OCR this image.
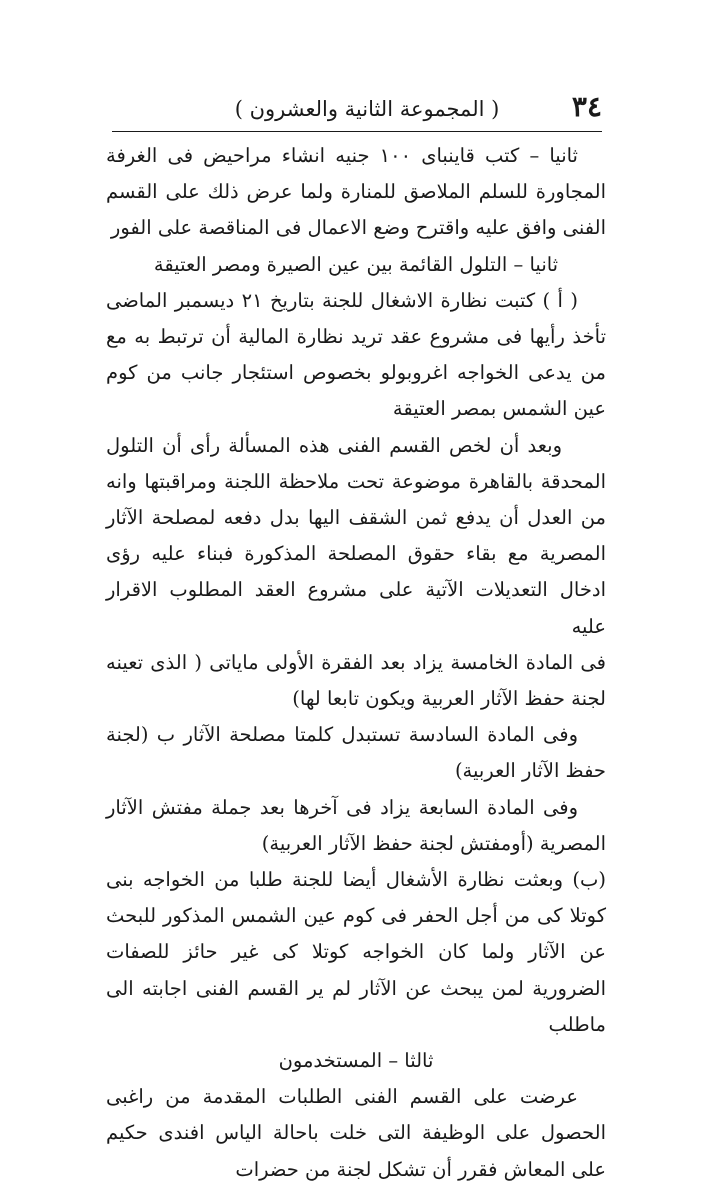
٣٤
( المجموعة الثانية والعشرون )

ثانيا – كتب قاينباى ١٠٠ جنيه انشاء مراحيض فى الغرفة المجاورة للسلم الملاصق للمنارة ولما عرض ذلك على القسم الفنى وافق عليه واقترح وضع الاعمال فى المناقصة على الفور

ثانيا – التلول القائمة بين عين الصيرة ومصر العتيقة

( أ ) كتبت نظارة الاشغال للجنة بتاريخ ٢١ ديسمبر الماضى تأخذ رأيها فى مشروع عقد تريد نظارة المالية أن ترتبط به مع من يدعى الخواجه اغروبولو بخصوص استئجار جانب من كوم عين الشمس بمصر العتيقة

وبعد أن لخص القسم الفنى هذه المسألة رأى أن التلول المحدقة بالقاهرة موضوعة تحت ملاحظة اللجنة ومراقبتها وانه من العدل أن يدفع ثمن الشقف اليها بدل دفعه لمصلحة الآثار المصرية مع بقاء حقوق المصلحة المذكورة فبناء عليه رؤى ادخال التعديلات الآتية على مشروع العقد المطلوب الاقرار عليه

فى المادة الخامسة يزاد بعد الفقرة الأولى ماياتى ( الذى تعينه لجنة حفظ الآثار العربية ويكون تابعا لها)

وفى المادة السادسة تستبدل كلمتا مصلحة الآثار ب (لجنة حفظ الآثار العربية)

وفى المادة السابعة يزاد فى آخرها بعد جملة مفتش الآثار المصرية (أومفتش لجنة حفظ الآثار العربية)

(ب) وبعثت نظارة الأشغال أيضا للجنة طلبا من الخواجه بنى كوتلا كى من أجل الحفر فى كوم عين الشمس المذكور للبحث عن الآثار ولما كان الخواجه كوتلا كى غير حائز للصفات الضرورية لمن يبحث عن الآثار لم ير القسم الفنى اجابته الى ماطلب

ثالثا – المستخدمون

عرضت على القسم الفنى الطلبات المقدمة من راغبى الحصول على الوظيفة التى خلت باحالة الياس افندى حكيم على المعاش فقرر أن تشكل لجنة من حضرات
